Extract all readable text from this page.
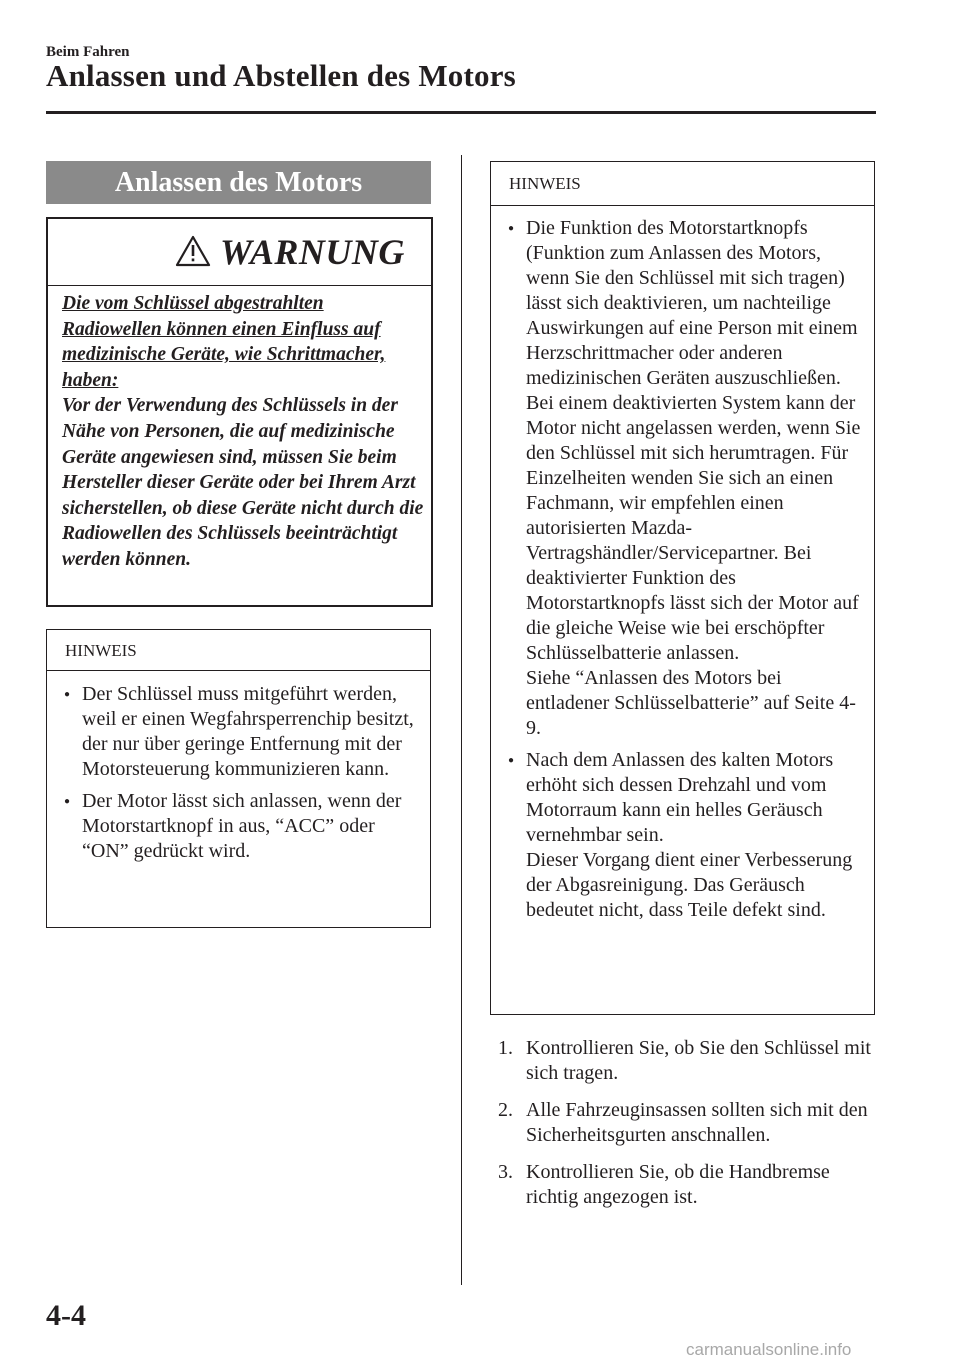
Beim Fahren
Anlassen und Abstellen des Motors
Anlassen des Motors
WARNUNG
Die vom Schlüssel abgestrahlten Radiowellen können einen Einfluss auf medizinische Geräte, wie Schrittmacher, haben:
Vor der Verwendung des Schlüssels in der Nähe von Personen, die auf medizinische Geräte angewiesen sind, müssen Sie beim Hersteller dieser Geräte oder bei Ihrem Arzt sicherstellen, ob diese Geräte nicht durch die Radiowellen des Schlüssels beeinträchtigt werden können.
HINWEIS
● Der Schlüssel muss mitgeführt werden, weil er einen Wegfahrsperrenchip besitzt, der nur über geringe Entfernung mit der Motorsteuerung kommunizieren kann.
● Der Motor lässt sich anlassen, wenn der Motorstartknopf in aus, “ACC” oder “ON” gedrückt wird.
HINWEIS
● Die Funktion des Motorstartknopfs (Funktion zum Anlassen des Motors, wenn Sie den Schlüssel mit sich tragen) lässt sich deaktivieren, um nachteilige Auswirkungen auf eine Person mit einem Herzschrittmacher oder anderen medizinischen Geräten auszuschließen. Bei einem deaktivierten System kann der Motor nicht angelassen werden, wenn Sie den Schlüssel mit sich herumtragen. Für Einzelheiten wenden Sie sich an einen Fachmann, wir empfehlen einen autorisierten Mazda-Vertragshändler/Servicepartner. Bei deaktivierter Funktion des Motorstartknopfs lässt sich der Motor auf die gleiche Weise wie bei erschöpfter Schlüsselbatterie anlassen.
Siehe “Anlassen des Motors bei entladener Schlüsselbatterie” auf Seite 4-9.
● Nach dem Anlassen des kalten Motors erhöht sich dessen Drehzahl und vom Motorraum kann ein helles Geräusch vernehmbar sein.
Dieser Vorgang dient einer Verbesserung der Abgasreinigung. Das Geräusch bedeutet nicht, dass Teile defekt sind.
1. Kontrollieren Sie, ob Sie den Schlüssel mit sich tragen.
2. Alle Fahrzeuginsassen sollten sich mit den Sicherheitsgurten anschnallen.
3. Kontrollieren Sie, ob die Handbremse richtig angezogen ist.
4-4
carmanualsonline.info
